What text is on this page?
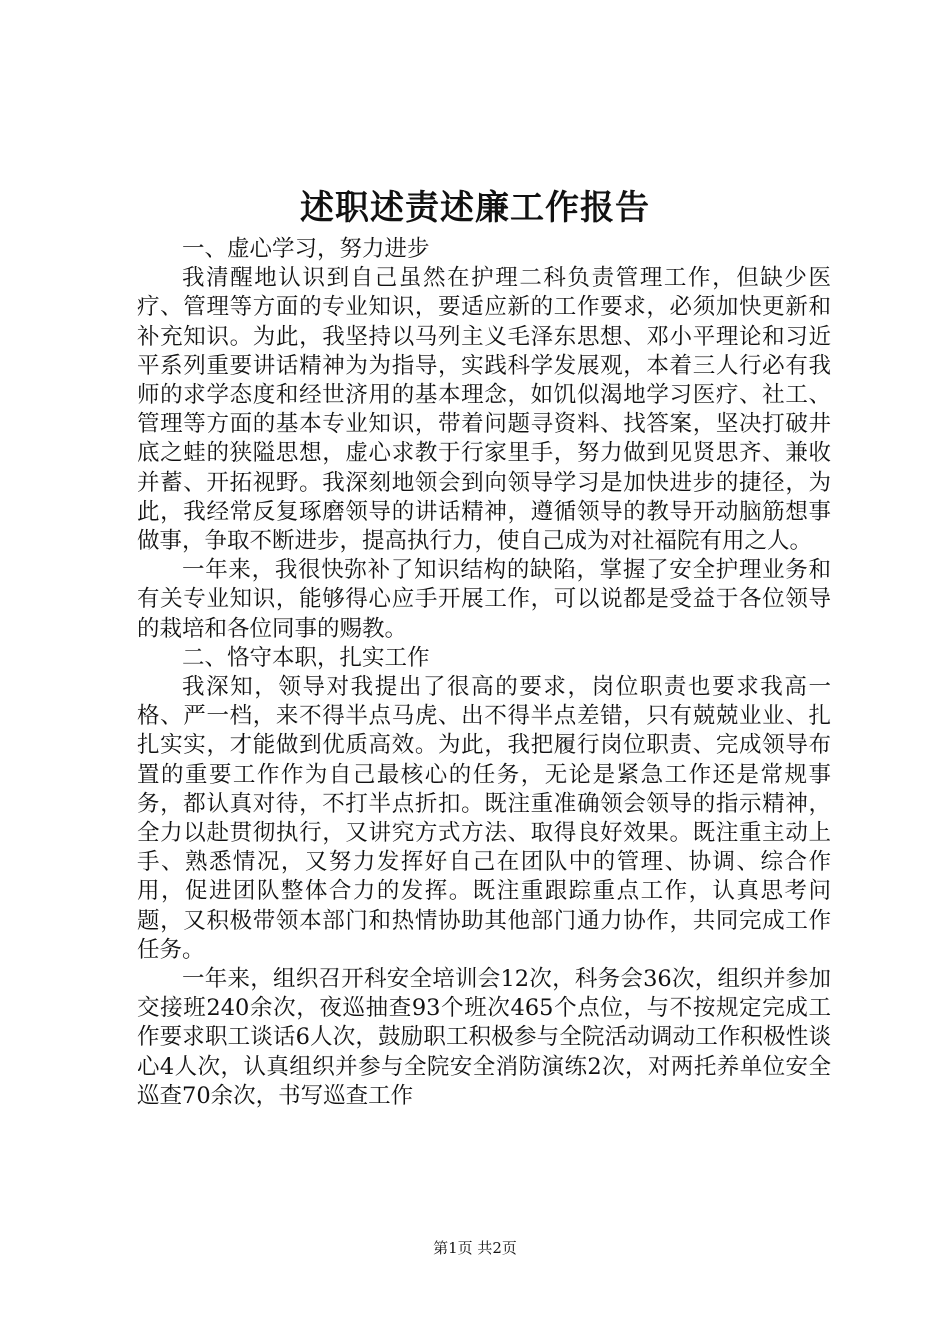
述职述责述廉工作报告

一、虚心学习，努力进步

我清醒地认识到自己虽然在护理二科负责管理工作，但缺少医疗、管理等方面的专业知识，要适应新的工作要求，必须加快更新和补充知识。为此，我坚持以马列主义毛泽东思想、邓小平理论和习近平系列重要讲话精神为为指导，实践科学发展观，本着三人行必有我师的求学态度和经世济用的基本理念，如饥似渴地学习医疗、社工、管理等方面的基本专业知识，带着问题寻资料、找答案，坚决打破井底之蛙的狭隘思想，虚心求教于行家里手，努力做到见贤思齐、兼收并蓄、开拓视野。我深刻地领会到向领导学习是加快进步的捷径，为此，我经常反复琢磨领导的讲话精神，遵循领导的教导开动脑筋想事做事，争取不断进步，提高执行力，使自己成为对社福院有用之人。

一年来，我很快弥补了知识结构的缺陷，掌握了安全护理业务和有关专业知识，能够得心应手开展工作，可以说都是受益于各位领导的栽培和各位同事的赐教。

二、恪守本职，扎实工作

我深知，领导对我提出了很高的要求，岗位职责也要求我高一格、严一档，来不得半点马虎、出不得半点差错，只有兢兢业业、扎扎实实，才能做到优质高效。为此，我把履行岗位职责、完成领导布置的重要工作作为自己最核心的任务，无论是紧急工作还是常规事务，都认真对待，不打半点折扣。既注重准确领会领导的指示精神，全力以赴贯彻执行，又讲究方式方法、取得良好效果。既注重主动上手、熟悉情况，又努力发挥好自己在团队中的管理、协调、综合作用，促进团队整体合力的发挥。既注重跟踪重点工作，认真思考问题，又积极带领本部门和热情协助其他部门通力协作，共同完成工作任务。

一年来，组织召开科安全培训会12次，科务会36次，组织并参加交接班240余次，夜巡抽查93个班次465个点位，与不按规定完成工作要求职工谈话6人次，鼓励职工积极参与全院活动调动工作积极性谈心4人次，认真组织并参与全院安全消防演练2次，对两托养单位安全巡查70余次，书写巡查工作

第1页 共2页
